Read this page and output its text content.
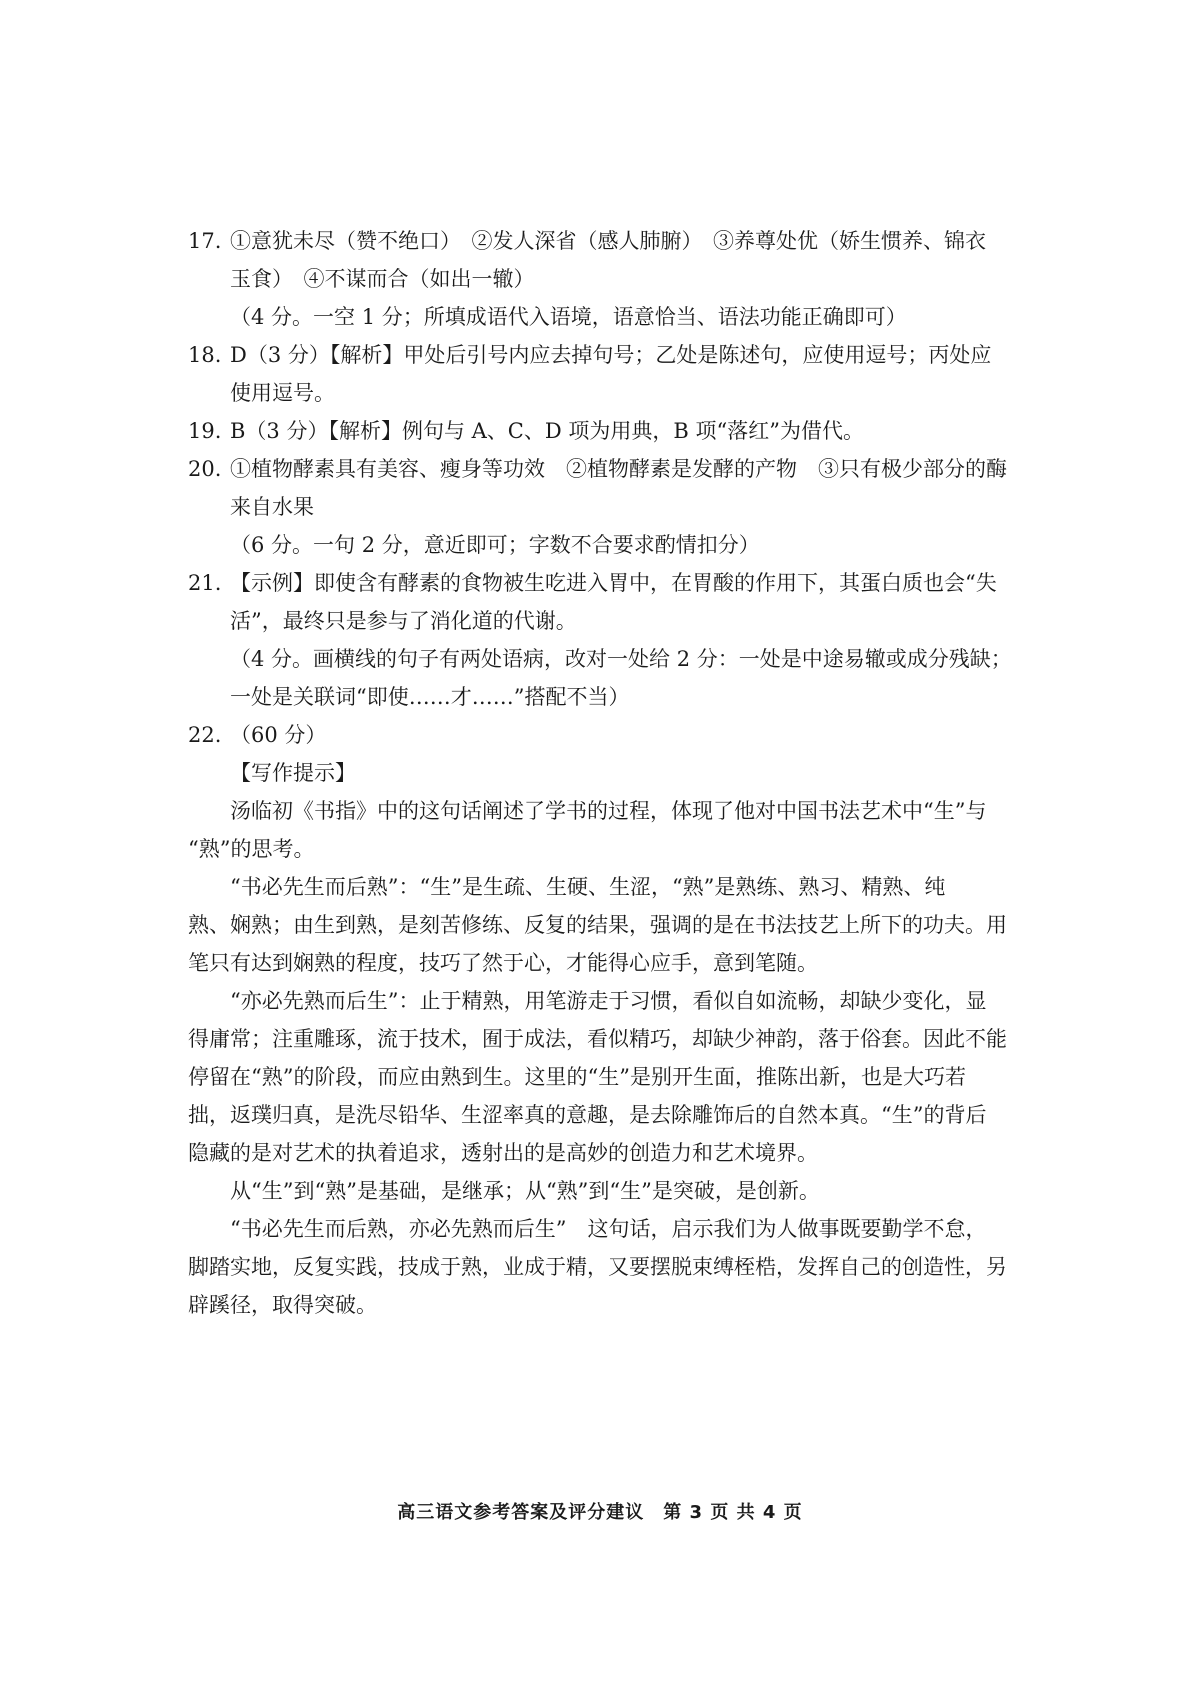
17. ①意犹未尽（赞不绝口）　②发人深省（感人肺腑）　③养尊处优（娇生惯养、锦衣
玉食）　④不谋而合（如出一辙）
（4 分。一空 1 分；所填成语代入语境，语意恰当、语法功能正确即可）
18. D（3 分）【解析】甲处后引号内应去掉句号；乙处是陈述句，应使用逗号；丙处应
使用逗号。
19. B（3 分）【解析】例句与 A、C、D 项为用典，B 项“落红”为借代。
20. ①植物酵素具有美容、瘦身等功效　②植物酵素是发酵的产物　③只有极少部分的酶
来自水果
（6 分。一句 2 分，意近即可；字数不合要求酌情扣分）
21. 【示例】即使含有酵素的食物被生吃进入胃中，在胃酸的作用下，其蛋白质也会“失
活”，最终只是参与了消化道的代谢。
（4 分。画横线的句子有两处语病，改对一处给 2 分：一处是中途易辙或成分残缺；
一处是关联词“即使……才……”搭配不当）
22. （60 分）
【写作提示】
汤临初《书指》中的这句话阐述了学书的过程，体现了他对中国书法艺术中“生”与
“熟”的思考。
“书必先生而后熟”：“生”是生疏、生硬、生涩，“熟”是熟练、熟习、精熟、纯
熟、娴熟；由生到熟，是刻苦修练、反复的结果，强调的是在书法技艺上所下的功夫。用
笔只有达到娴熟的程度，技巧了然于心，才能得心应手，意到笔随。
“亦必先熟而后生”：止于精熟，用笔游走于习惯，看似自如流畅，却缺少变化，显
得庸常；注重雕琢，流于技术，囿于成法，看似精巧，却缺少神韵，落于俗套。因此不能
停留在“熟”的阶段，而应由熟到生。这里的“生”是别开生面，推陈出新，也是大巧若
拙，返璞归真，是洗尽铅华、生涩率真的意趣，是去除雕饰后的自然本真。“生”的背后
隐藏的是对艺术的执着追求，透射出的是高妙的创造力和艺术境界。
从“生”到“熟”是基础，是继承；从“熟”到“生”是突破，是创新。
“书必先生而后熟，亦必先熟而后生”　这句话，启示我们为人做事既要勤学不怠，
脚踏实地，反复实践，技成于熟，业成于精，又要摆脱束缚桎梏，发挥自己的创造性，另
辟蹊径，取得突破。
高三语文参考答案及评分建议　第 3 页 共 4 页
